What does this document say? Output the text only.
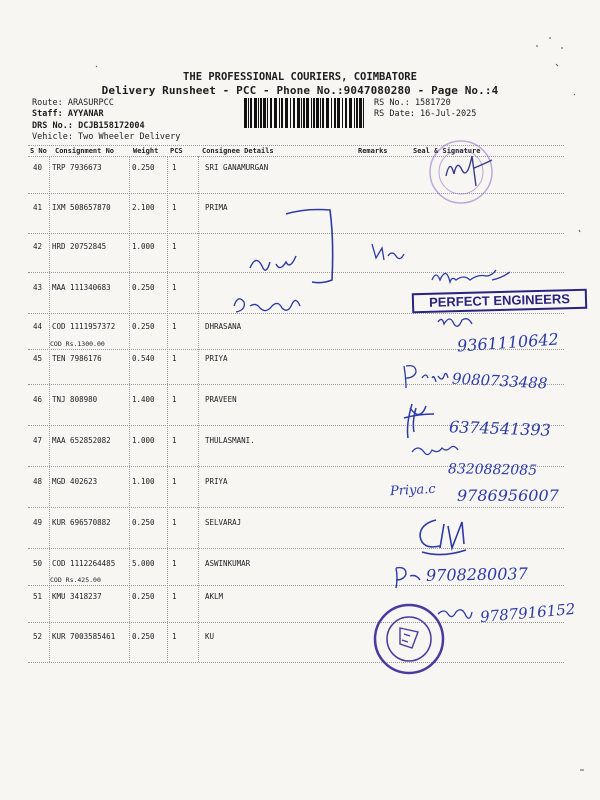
THE PROFESSIONAL COURIERS, COIMBATORE
Delivery Runsheet - PCC - Phone No.:9047080280 - Page No.:4
Route: ARASURPCC
Staff: AYYANAR
DRS No.: DCJB158172004
Vehicle: Two Wheeler Delivery
RS No.: 1581720
RS Date: 16-Jul-2025
S No Consignment No	Weight PCS	Consignee Details	Remarks	Seal & Signature
40 TRP 7936673	0.250 1	SRI GANAMURGAN
41 IXM 508657870	2.100 1	PRIMA
42 HRD 20752845	1.000 1
43 MAA 111340683	0.250 1
44 COD 1111957372 0.250 1	DHRASANA
COD Rs.1300.00
45 TEN 7986176	0.540 1	PRIYA
46 TNJ 808980	1.400 1	PRAVEEN
47 MAA 652852082	1.000 1	THULASMANI.
48 MGD 402623	1.100 1	PRIYA
49 KUR 696570882	0.250 1	SELVARAJ
50 COD 1112264485 5.000 1	ASWINKUMAR
COD Rs.425.00
51 KMU 3418237	0.250 1	AKLM
52 KUR 7003585461 0.250 1	KU
PERFECT ENGINEERS
9361110642
9080733488
6374541393
8320882085
Priya.c 9786956007
9708280037
9787916152
